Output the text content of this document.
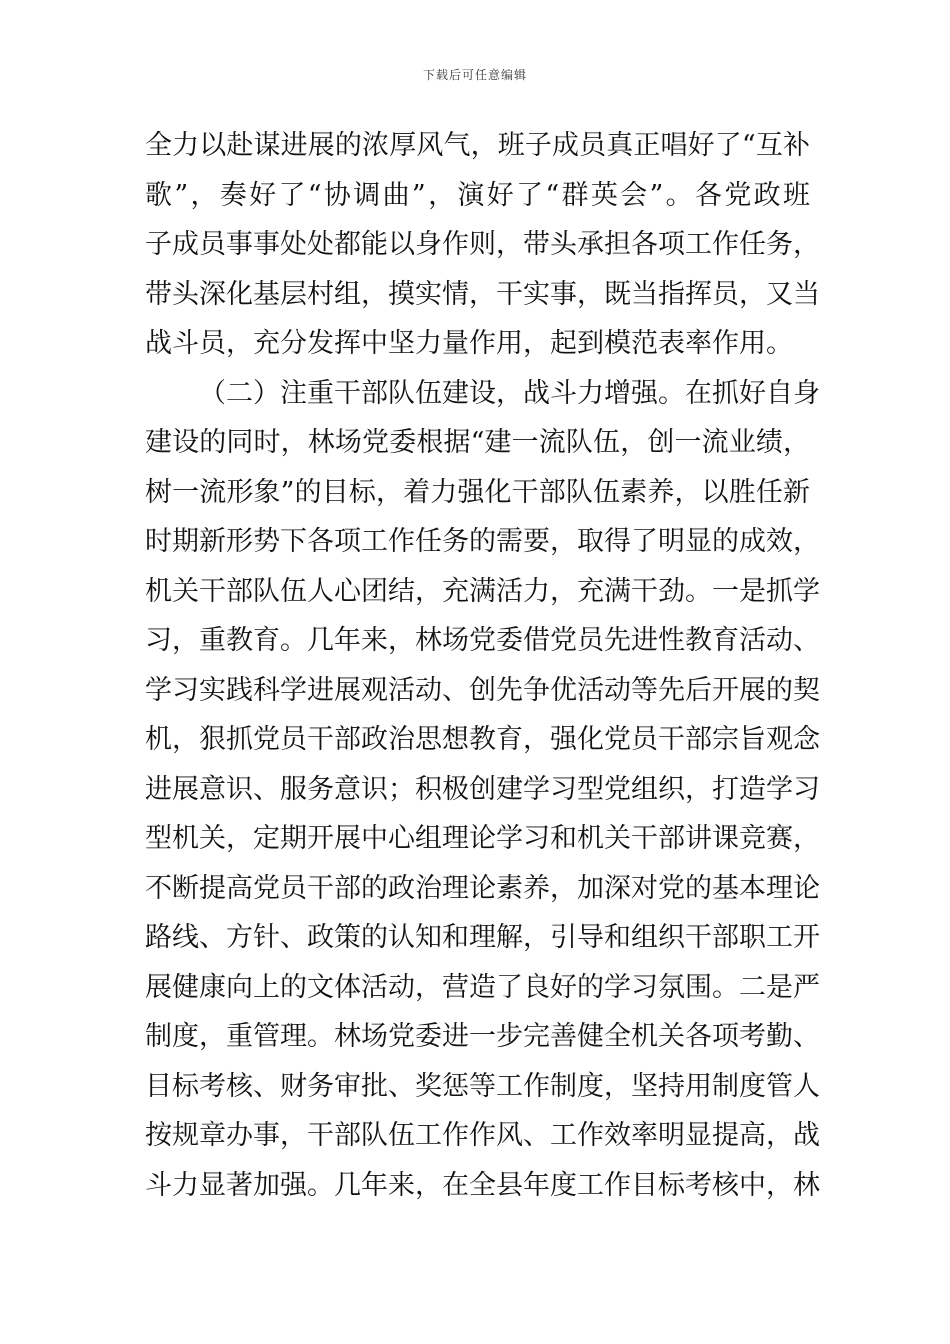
下载后可任意编辑
全力以赴谋进展的浓厚风气，班子成员真正唱好了“互补
歌”，奏好了“协调曲”，演好了“群英会”。各党政班
子成员事事处处都能以身作则，带头承担各项工作任务，
带头深化基层村组，摸实情，干实事，既当指挥员，又当
战斗员，充分发挥中坚力量作用，起到模范表率作用。
（二）注重干部队伍建设，战斗力增强。在抓好自身
建设的同时，林场党委根据“建一流队伍，创一流业绩，
树一流形象”的目标，着力强化干部队伍素养，以胜任新
时期新形势下各项工作任务的需要，取得了明显的成效，
机关干部队伍人心团结，充满活力，充满干劲。一是抓学
习，重教育。几年来，林场党委借党员先进性教育活动、
学习实践科学进展观活动、创先争优活动等先后开展的契
机，狠抓党员干部政治思想教育，强化党员干部宗旨观念
进展意识、服务意识；积极创建学习型党组织，打造学习
型机关，定期开展中心组理论学习和机关干部讲课竞赛，
不断提高党员干部的政治理论素养，加深对党的基本理论
路线、方针、政策的认知和理解，引导和组织干部职工开
展健康向上的文体活动，营造了良好的学习氛围。二是严
制度，重管理。林场党委进一步完善健全机关各项考勤、
目标考核、财务审批、奖惩等工作制度，坚持用制度管人
按规章办事，干部队伍工作作风、工作效率明显提高，战
斗力显著加强。几年来，在全县年度工作目标考核中，林
